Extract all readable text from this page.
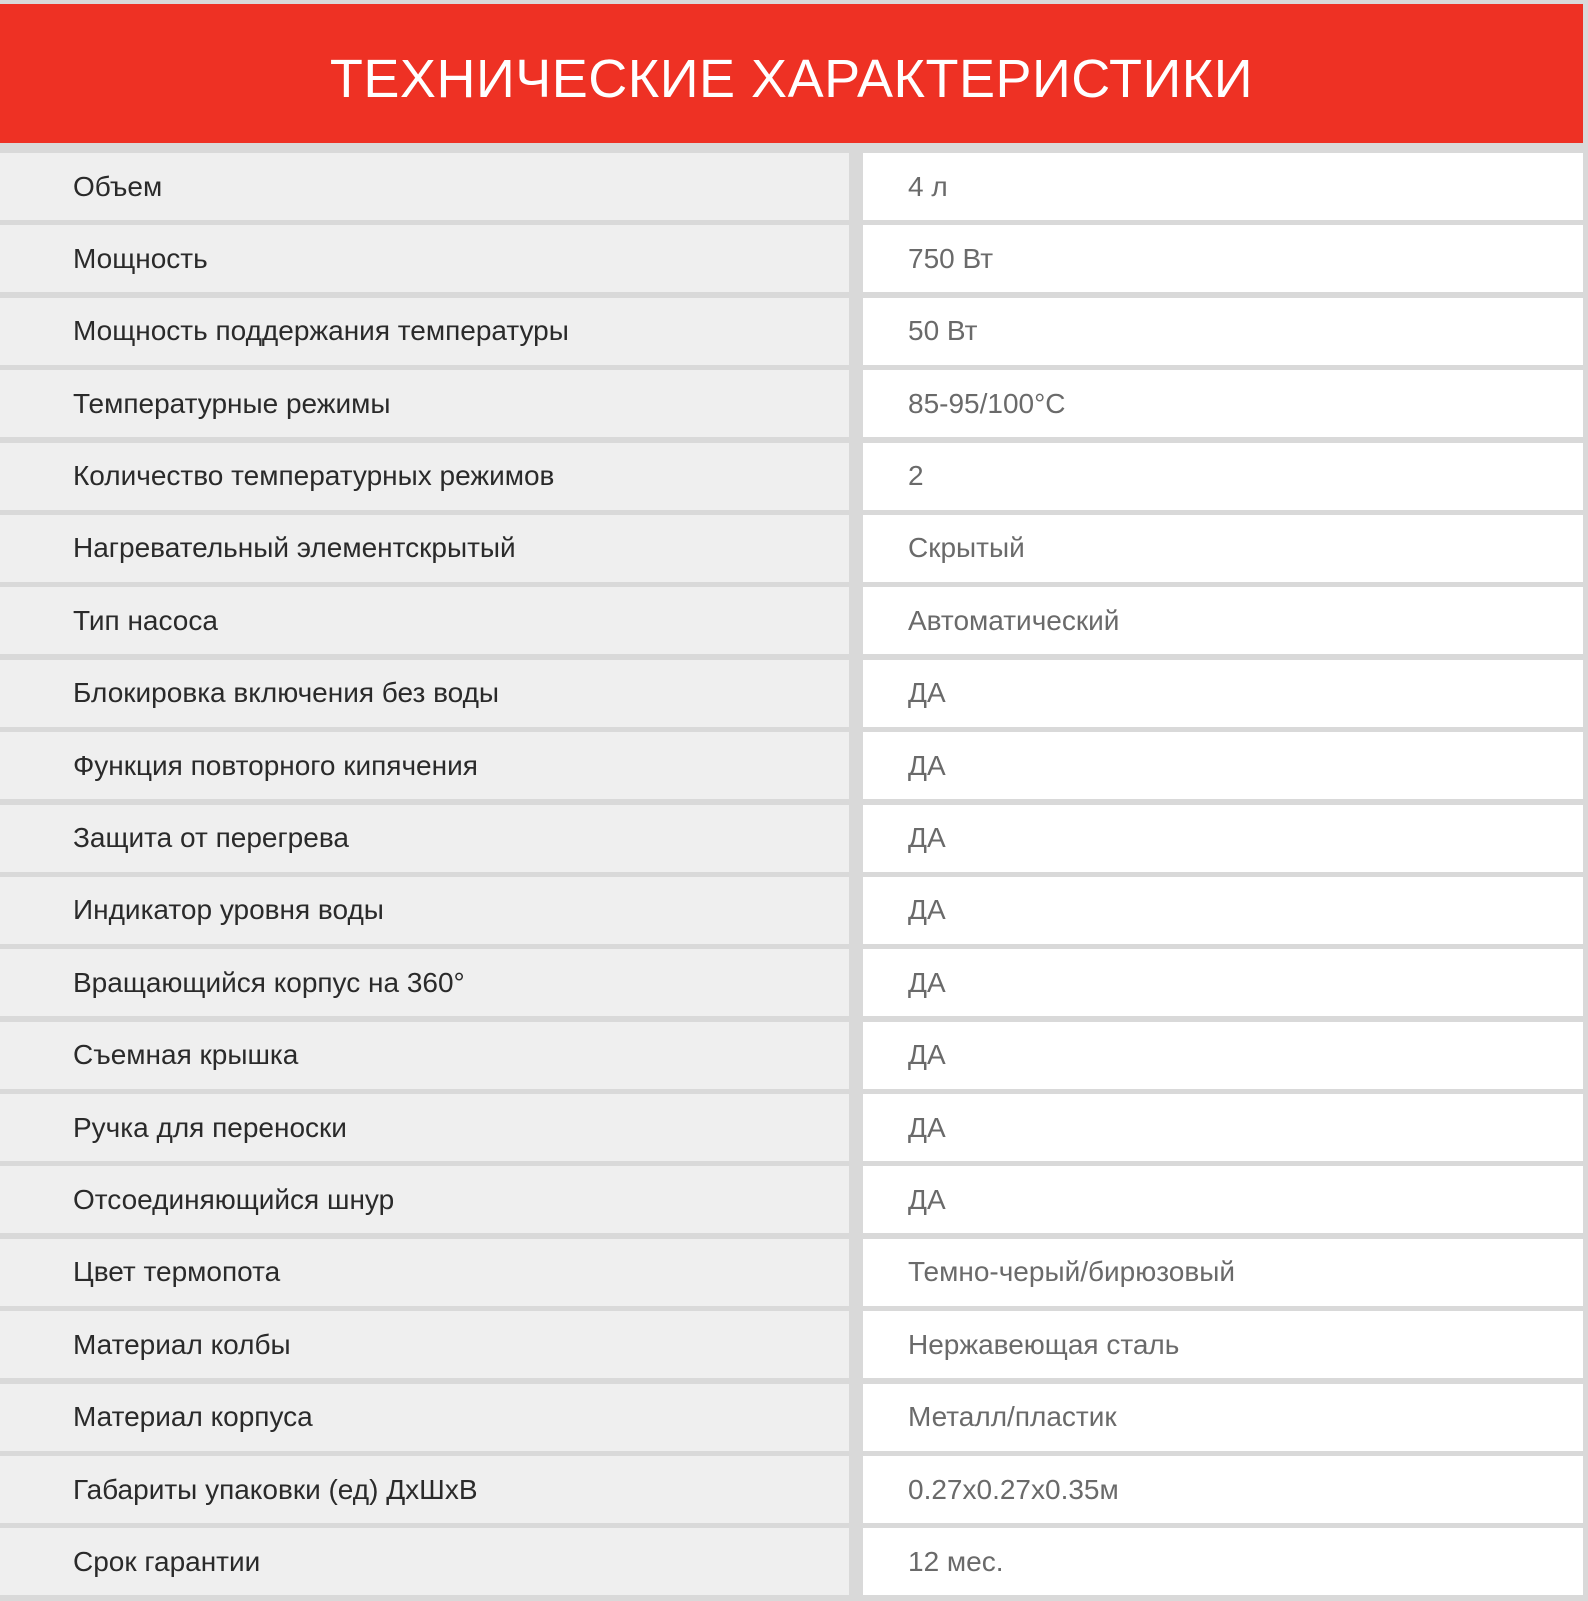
ТЕХНИЧЕСКИЕ ХАРАКТЕРИСТИКИ
Объем	4 л
Мощность	750 Вт
Мощность поддержания температуры	50 Вт
Температурные режимы	85-95/100°C
Количество температурных режимов	2
Нагревательный элементскрытый	Скрытый
Тип насоса	Автоматический
Блокировка включения без воды	ДА
Функция повторного кипячения	ДА
Защита от перегрева	ДА
Индикатор уровня воды	ДА
Вращающийся корпус на 360°	ДА
Съемная крышка	ДА
Ручка для переноски	ДА
Отсоединяющийся шнур	ДА
Цвет термопота	Темно-черый/бирюзовый
Материал колбы	Нержавеющая сталь
Материал корпуса	Металл/пластик
Габариты упаковки (ед) ДхШхВ	0.27x0.27x0.35м
Срок гарантии	12 мес.
